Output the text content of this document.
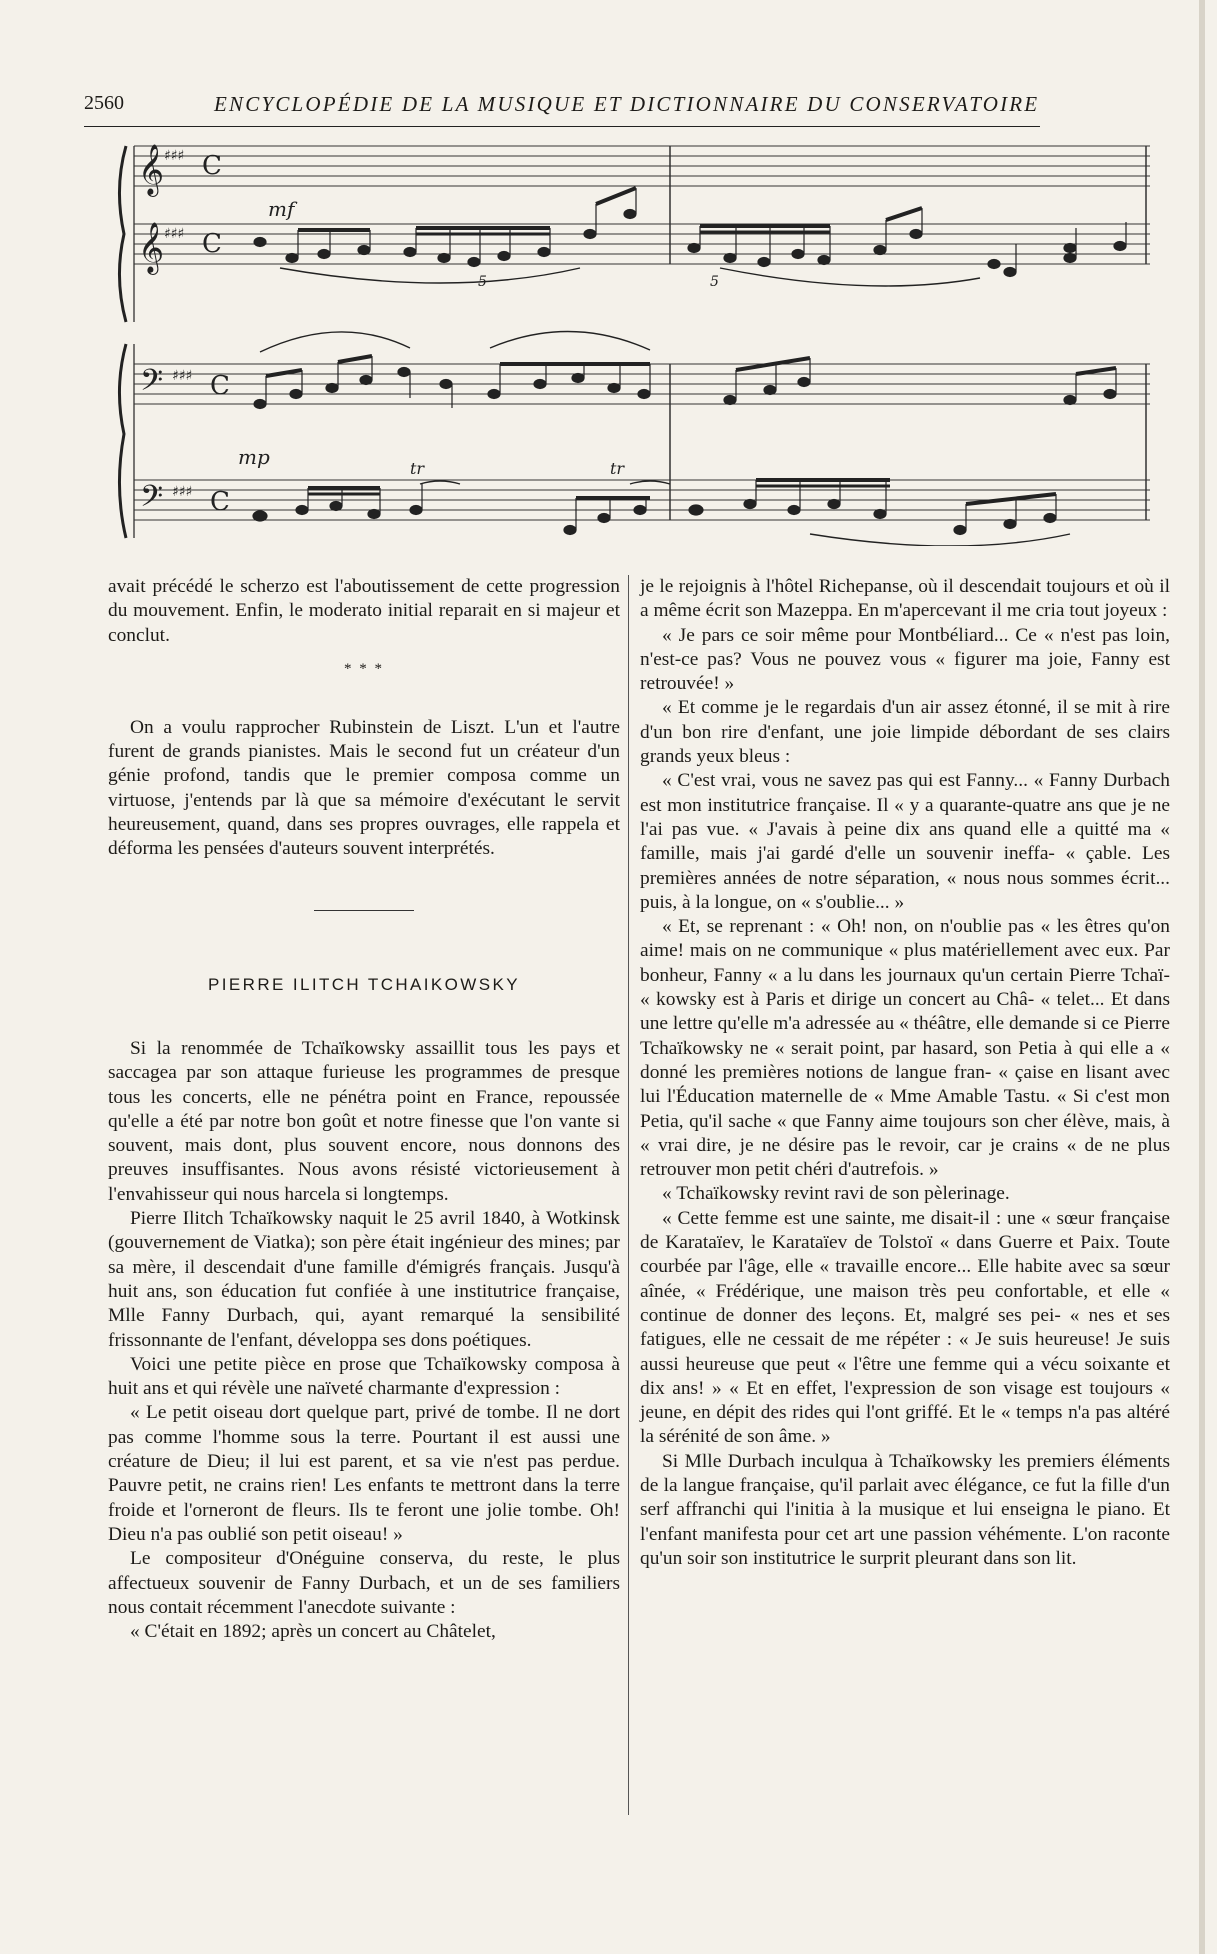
2560	ENCYCLOPÉDIE DE LA MUSIQUE ET DICTIONNAIRE DU CONSERVATOIRE
𝄞
𝄞
𝄢
𝄢
♯♯♯
♯♯♯
♯♯♯
♯♯♯
C
C
C
C
mf
mp	tr	tr
5	5

avait précédé le scherzo est l'aboutissement de cette progression du mouvement. Enfin, le moderato initial reparait en si majeur et conclut.

* * *

On a voulu rapprocher Rubinstein de Liszt. L'un et l'autre furent de grands pianistes. Mais le second fut un créateur d'un génie profond, tandis que le premier composa comme un virtuose, j'entends par là que sa mémoire d'exécutant le servit heureusement, quand, dans ses propres ouvrages, elle rappela et déforma les pensées d'auteurs souvent interprétés.

PIERRE ILITCH TCHAIKOWSKY

Si la renommée de Tchaïkowsky assaillit tous les pays et saccagea par son attaque furieuse les programmes de presque tous les concerts, elle ne pénétra point en France, repoussée qu'elle a été par notre bon goût et notre finesse que l'on vante si souvent, mais dont, plus souvent encore, nous donnons des preuves insuffisantes. Nous avons résisté victorieusement à l'envahisseur qui nous harcela si longtemps.

Pierre Ilitch Tchaïkowsky naquit le 25 avril 1840, à Wotkinsk (gouvernement de Viatka); son père était ingénieur des mines; par sa mère, il descendait d'une famille d'émigrés français. Jusqu'à huit ans, son éducation fut confiée à une institutrice française, Mlle Fanny Durbach, qui, ayant remarqué la sensibilité frissonnante de l'enfant, développa ses dons poétiques.

Voici une petite pièce en prose que Tchaïkowsky composa à huit ans et qui révèle une naïveté charmante d'expression :

« Le petit oiseau dort quelque part, privé de tombe. Il ne dort pas comme l'homme sous la terre. Pourtant il est aussi une créature de Dieu; il lui est parent, et sa vie n'est pas perdue. Pauvre petit, ne crains rien! Les enfants te mettront dans la terre froide et l'orneront de fleurs. Ils te feront une jolie tombe. Oh! Dieu n'a pas oublié son petit oiseau! »

Le compositeur d'Onéguine conserva, du reste, le plus affectueux souvenir de Fanny Durbach, et un de ses familiers nous contait récemment l'anecdote suivante :

« C'était en 1892; après un concert au Châtelet,

je le rejoignis à l'hôtel Richepanse, où il descendait toujours et où il a même écrit son Mazeppa. En m'apercevant il me cria tout joyeux :

« Je pars ce soir même pour Montbéliard... Ce « n'est pas loin, n'est-ce pas? Vous ne pouvez vous « figurer ma joie, Fanny est retrouvée! »

« Et comme je le regardais d'un air assez étonné, il se mit à rire d'un bon rire d'enfant, une joie limpide débordant de ses clairs grands yeux bleus :

« C'est vrai, vous ne savez pas qui est Fanny... « Fanny Durbach est mon institutrice française. Il « y a quarante-quatre ans que je ne l'ai pas vue. « J'avais à peine dix ans quand elle a quitté ma « famille, mais j'ai gardé d'elle un souvenir ineffa- « çable. Les premières années de notre séparation, « nous nous sommes écrit... puis, à la longue, on « s'oublie... »

« Et, se reprenant : « Oh! non, on n'oublie pas « les êtres qu'on aime! mais on ne communique « plus matériellement avec eux. Par bonheur, Fanny « a lu dans les journaux qu'un certain Pierre Tchaï- « kowsky est à Paris et dirige un concert au Châ- « telet... Et dans une lettre qu'elle m'a adressée au « théâtre, elle demande si ce Pierre Tchaïkowsky ne « serait point, par hasard, son Petia à qui elle a « donné les premières notions de langue fran- « çaise en lisant avec lui l'Éducation maternelle de « Mme Amable Tastu. « Si c'est mon Petia, qu'il sache « que Fanny aime toujours son cher élève, mais, à « vrai dire, je ne désire pas le revoir, car je crains « de ne plus retrouver mon petit chéri d'autrefois. »

« Tchaïkowsky revint ravi de son pèlerinage.

« Cette femme est une sainte, me disait-il : une « sœur française de Karataïev, le Karataïev de Tolstoï « dans Guerre et Paix. Toute courbée par l'âge, elle « travaille encore... Elle habite avec sa sœur aînée, « Frédérique, une maison très peu confortable, et elle « continue de donner des leçons. Et, malgré ses pei- « nes et ses fatigues, elle ne cessait de me répéter : « Je suis heureuse! Je suis aussi heureuse que peut « l'être une femme qui a vécu soixante et dix ans! » « Et en effet, l'expression de son visage est toujours « jeune, en dépit des rides qui l'ont griffé. Et le « temps n'a pas altéré la sérénité de son âme. »

Si Mlle Durbach inculqua à Tchaïkowsky les premiers éléments de la langue française, qu'il parlait avec élégance, ce fut la fille d'un serf affranchi qui l'initia à la musique et lui enseigna le piano. Et l'enfant manifesta pour cet art une passion véhémente. L'on raconte qu'un soir son institutrice le surprit pleurant dans son lit.
